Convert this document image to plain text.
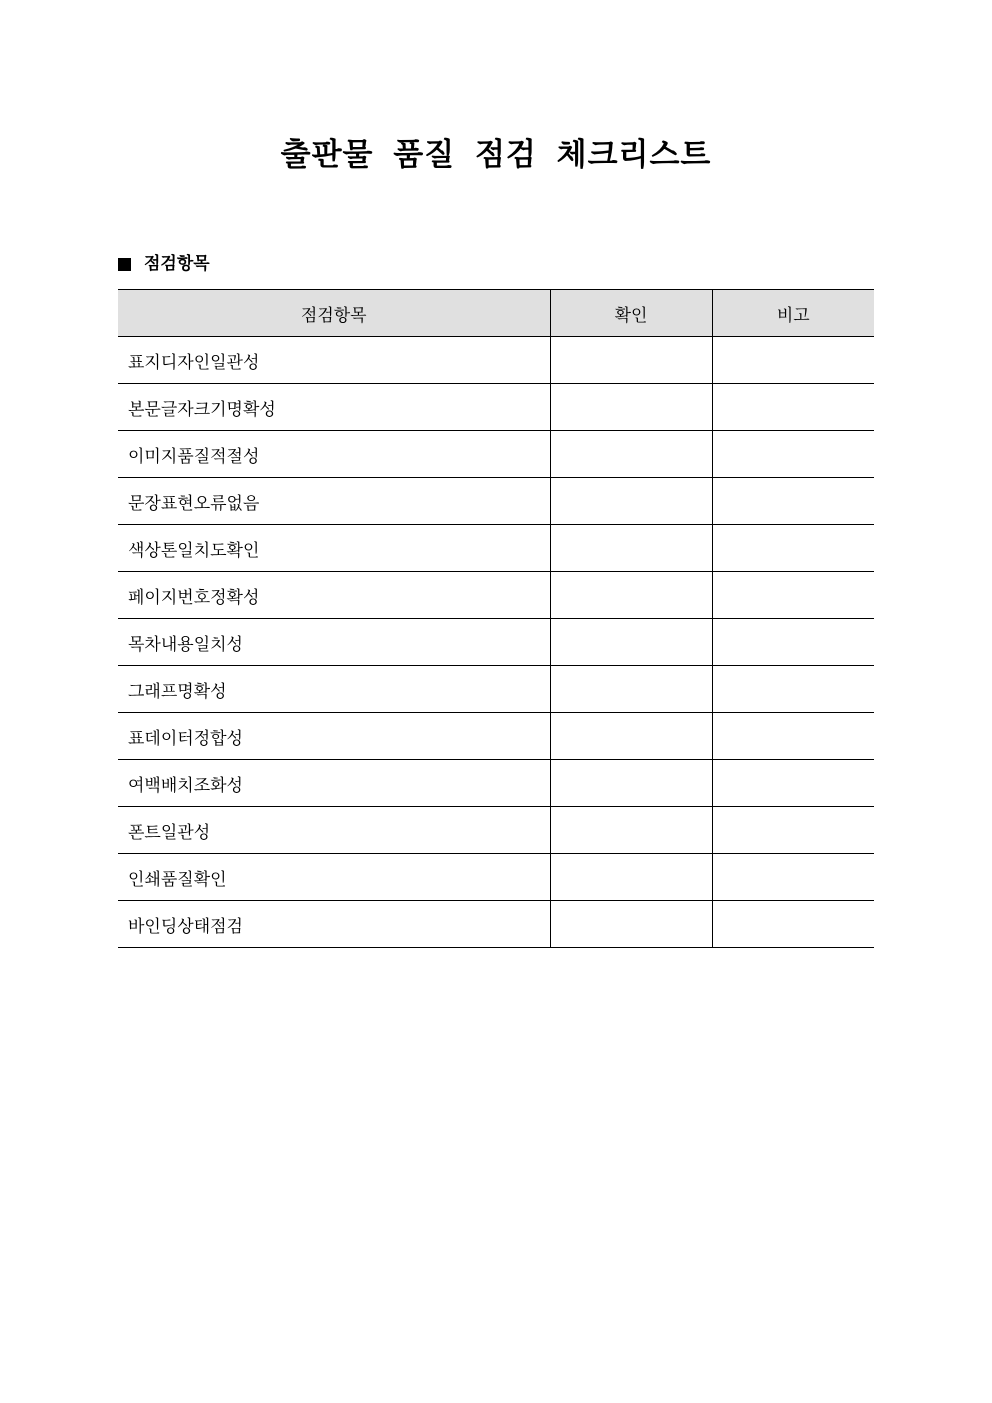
출판물 품질 점검 체크리스트
점검항목
점검항목	확인	비고
표지디자인일관성		
본문글자크기명확성		
이미지품질적절성		
문장표현오류없음		
색상톤일치도확인		
페이지번호정확성		
목차내용일치성		
그래프명확성		
표데이터정합성		
여백배치조화성		
폰트일관성		
인쇄품질확인		
바인딩상태점검		
